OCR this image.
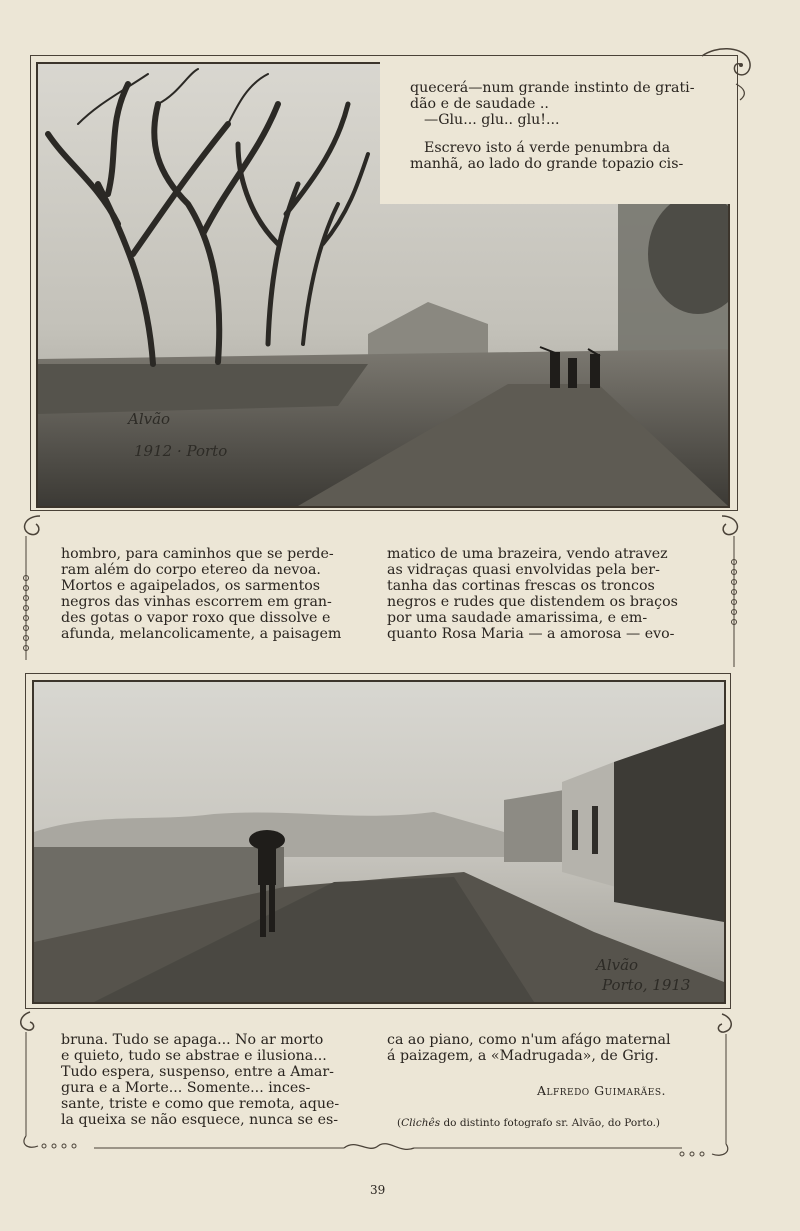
Alvão
1912 · Porto

quecerá—num grande instinto de grati-

dão e de saudade ..

—Glu... glu.. glu!...

Escrevo isto á verde penumbra da

manhã, ao lado do grande topazio cis-

hombro, para caminhos que se perde-

ram além do corpo etereo da nevoa.

Mortos e agaipelados, os sarmentos

negros das vinhas escorrem em gran-

des gotas o vapor roxo que dissolve e

afunda, melancolicamente, a paisagem

matico de uma brazeira, vendo atravez

as vidraças quasi envolvidas pela ber-

tanha das cortinas frescas os troncos

negros e rudes que distendem os braços

por uma saudade amarissima, e em-

quanto Rosa Maria — a amorosa — evo-

Alvão
Porto, 1913

bruna. Tudo se apaga... No ar morto

e quieto, tudo se abstrae e ilusiona...

Tudo espera, suspenso, entre a Amar-

gura e a Morte... Somente... inces-

sante, triste e como que remota, aque-

la queixa se não esquece, nunca se es-

ca ao piano, como n'um afágo maternal

á paizagem, a «Madrugada», de Grig.

Alfredo Guimarães.
(Clichês do distinto fotografo sr. Alvão, do Porto.)
39
